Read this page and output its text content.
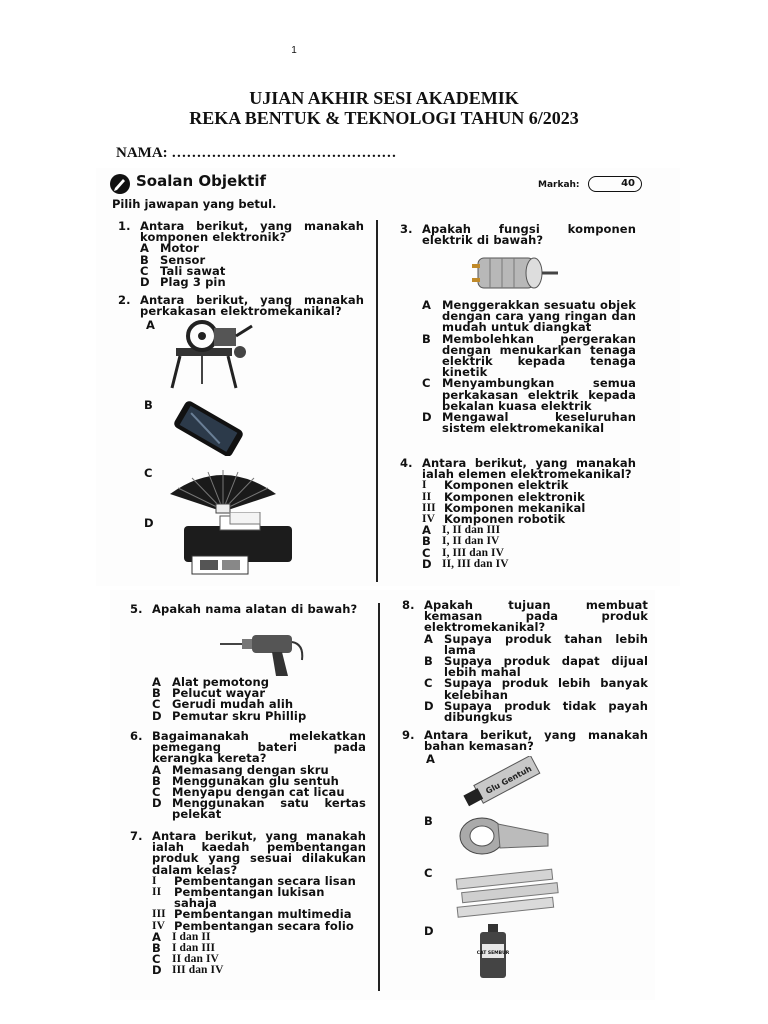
1
UJIAN AKHIR SESI AKADEMIK
REKA BENTUK & TEKNOLOGI TAHUN 6/2023
NAMA: ………………………………………
Soalan Objektif	Markah:	40
Pilih jawapan yang betul.
1. Antara berikut, yang manakah komponen elektronik?
A Motor
B Sensor
C Tali sawat
D Plag 3 pin
2. Antara berikut, yang manakah perkakasan elektromekanikal?
A
B
C
D
3. Apakah fungsi komponen elektrik di bawah?
A Menggerakkan sesuatu objek dengan cara yang ringan dan mudah untuk diangkat
B Membolehkan pergerakan dengan menukarkan tenaga elektrik kepada tenaga kinetik
C Menyambungkan semua perkakasan elektrik kepada bekalan kuasa elektrik
D Mengawal keseluruhan sistem elektromekanikal
4. Antara berikut, yang manakah ialah elemen elektromekanikal?
I	Komponen elektrik
II	Komponen elektronik
III Komponen mekanikal
IV Komponen robotik
A I, II dan III
B I, II dan IV
C I, III dan IV
D II, III dan IV
5. Apakah nama alatan di bawah?
A Alat pemotong
B Pelucut wayar
C Gerudi mudah alih
D Pemutar skru Phillip
6. Bagaimanakah melekatkan pemegang bateri pada kerangka kereta?
A Memasang dengan skru
B Menggunakan glu sentuh
C Menyapu dengan cat licau
D Menggunakan satu kertas pelekat
7. Antara berikut, yang manakah ialah kaedah pembentangan produk yang sesuai dilakukan dalam kelas?
I	Pembentangan secara lisan
II	Pembentangan lukisan sahaja
III Pembentangan multimedia
IV Pembentangan secara folio
A I dan II
B I dan III
C II dan IV
D III dan IV
8. Apakah tujuan membuat kemasan pada produk elektromekanikal?
A Supaya produk tahan lebih lama
B Supaya produk dapat dijual lebih mahal
C Supaya produk lebih banyak kelebihan
D Supaya produk tidak payah dibungkus
9. Antara berikut, yang manakah bahan kemasan?
A
B
C
D
Glu Gentuh
CAT SEMBUR
